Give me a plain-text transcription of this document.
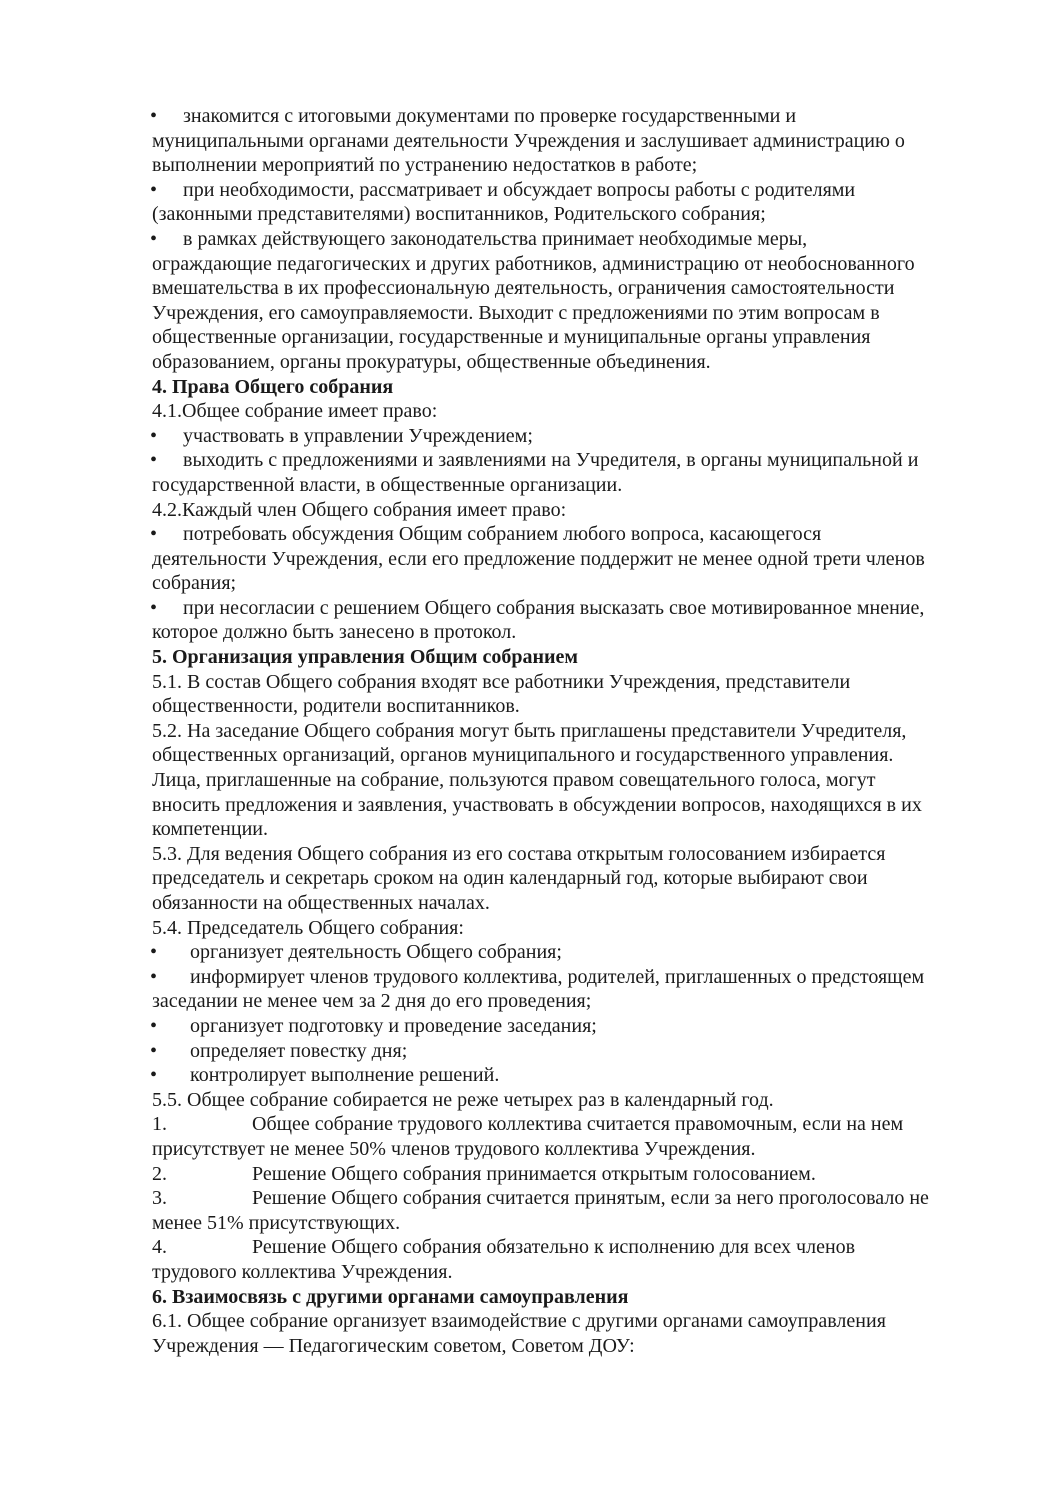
• знакомится с итоговыми документами по проверке государственными и
муниципальными органами деятельности Учреждения и заслушивает администрацию о
выполнении мероприятий по устранению недостатков в работе;
• при необходимости, рассматривает и обсуждает вопросы работы с родителями
(законными представителями) воспитанников, Родительского собрания;
• в рамках действующего законодательства принимает необходимые меры,
ограждающие педагогических и других работников, администрацию от необоснованного
вмешательства в их профессиональную деятельность, ограничения самостоятельности
Учреждения, его самоуправляемости. Выходит с предложениями по этим вопросам в
общественные организации, государственные и муниципальные органы управления
образованием, органы прокуратуры, общественные объединения.
4. Права Общего собрания
4.1.Общее собрание имеет право:
• участвовать в управлении Учреждением;
• выходить с предложениями и заявлениями на Учредителя, в органы муниципальной и
государственной власти, в общественные организации.
4.2.Каждый член Общего собрания имеет право:
• потребовать обсуждения Общим собранием любого вопроса, касающегося
деятельности Учреждения, если его предложение поддержит не менее одной трети членов
собрания;
• при несогласии с решением Общего собрания высказать свое мотивированное мнение,
которое должно быть занесено в протокол.
5. Организация управления Общим собранием
5.1. В состав Общего собрания входят все работники Учреждения, представители
общественности, родители воспитанников.
5.2. На заседание Общего собрания могут быть приглашены представители Учредителя,
общественных организаций, органов муниципального и государственного управления.
Лица, приглашенные на собрание, пользуются правом совещательного голоса, могут
вносить предложения и заявления, участвовать в обсуждении вопросов, находящихся в их
компетенции.
5.3. Для ведения Общего собрания из его состава открытым голосованием избирается
председатель и секретарь сроком на один календарный год, которые выбирают свои
обязанности на общественных началах.
5.4. Председатель Общего собрания:
• организует деятельность Общего собрания;
• информирует членов трудового коллектива, родителей, приглашенных о предстоящем
заседании не менее чем за 2 дня до его проведения;
• организует подготовку и проведение заседания;
• определяет повестку дня;
• контролирует выполнение решений.
5.5. Общее собрание собирается не реже четырех раз в календарный год.
1.	Общее собрание трудового коллектива считается правомочным, если на нем
присутствует не менее 50% членов трудового коллектива Учреждения.
2.	Решение Общего собрания принимается открытым голосованием.
3.	Решение Общего собрания считается принятым, если за него проголосовало не
менее 51% присутствующих.
4.	Решение Общего собрания обязательно к исполнению для всех членов
трудового коллектива Учреждения.
6. Взаимосвязь с другими органами самоуправления
6.1. Общее собрание организует взаимодействие с другими органами самоуправления
Учреждения — Педагогическим советом, Советом ДОУ:
